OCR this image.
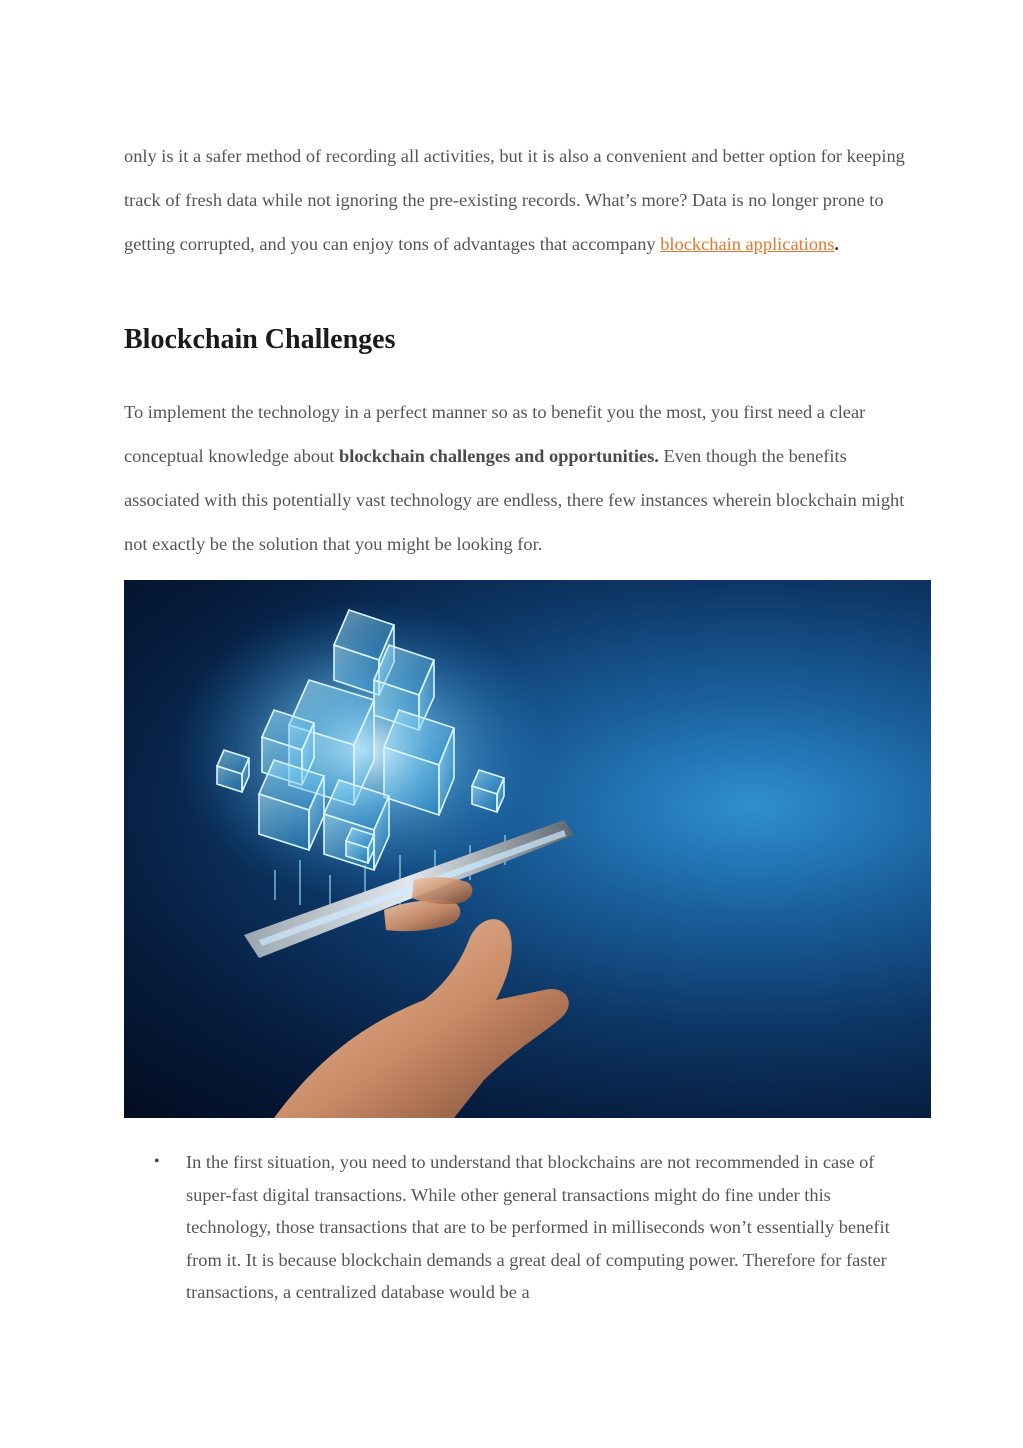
only is it a safer method of recording all activities, but it is also a convenient and better option for keeping track of fresh data while not ignoring the pre-existing records. What’s more? Data is no longer prone to getting corrupted, and you can enjoy tons of advantages that accompany blockchain applications.

Blockchain Challenges

To implement the technology in a perfect manner so as to benefit you the most, you first need a clear conceptual knowledge about blockchain challenges and opportunities. Even though the benefits associated with this potentially vast technology are endless, there few instances wherein blockchain might not exactly be the solution that you might be looking for.

• In the first situation, you need to understand that blockchains are not recommended in case of super-fast digital transactions. While other general transactions might do fine under this technology, those transactions that are to be performed in milliseconds won’t essentially benefit from it. It is because blockchain demands a great deal of computing power. Therefore for faster transactions, a centralized database would be a
